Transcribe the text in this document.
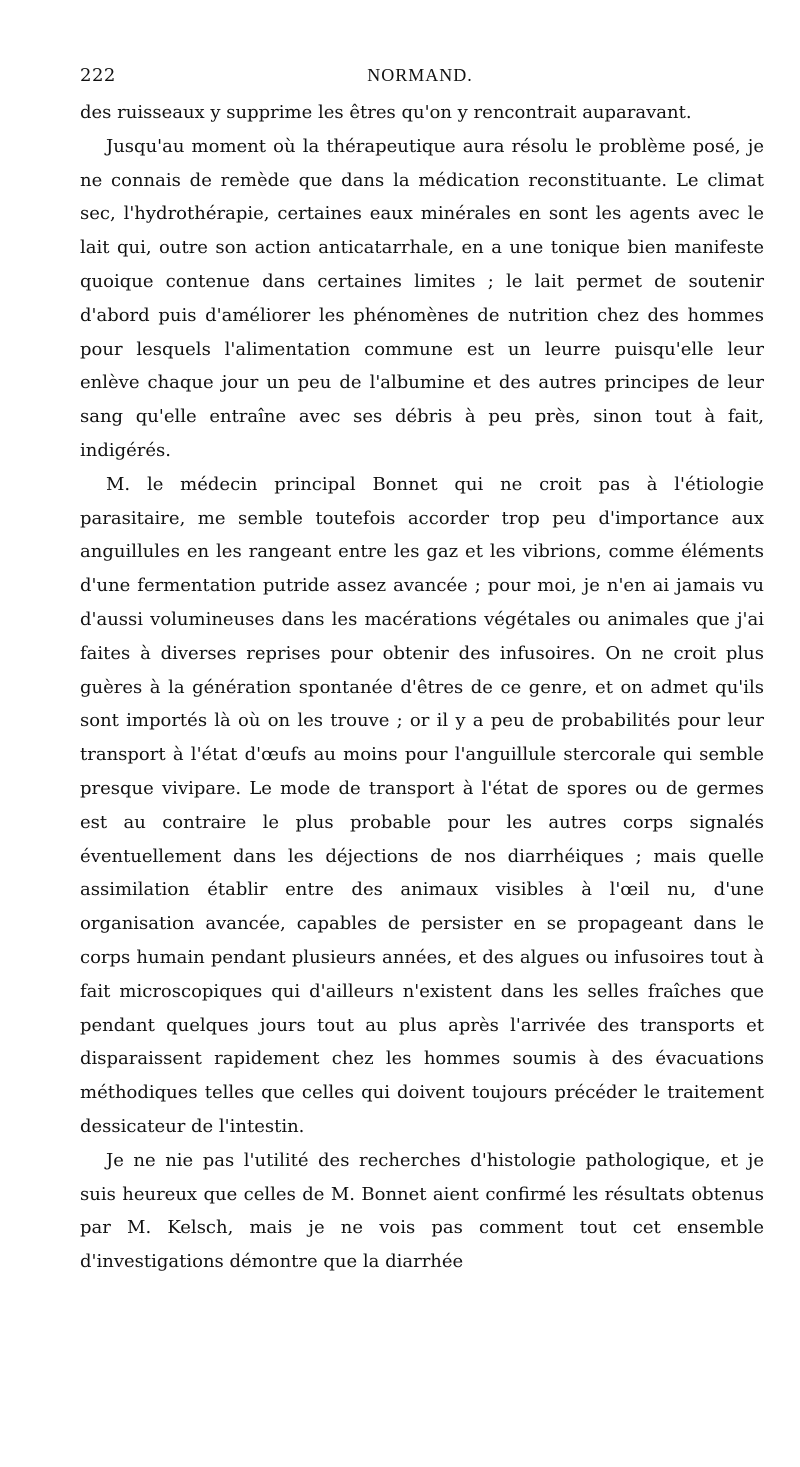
222	NORMAND.

des ruisseaux y supprime les êtres qu'on y rencontrait auparavant.

Jusqu'au moment où la thérapeutique aura résolu le problème posé, je ne connais de remède que dans la médication reconstituante. Le climat sec, l'hydrothérapie, certaines eaux minérales en sont les agents avec le lait qui, outre son action anticatarrhale, en a une tonique bien manifeste quoique contenue dans certaines limites ; le lait permet de soutenir d'abord puis d'améliorer les phénomènes de nutrition chez des hommes pour lesquels l'alimentation commune est un leurre puisqu'elle leur enlève chaque jour un peu de l'albumine et des autres principes de leur sang qu'elle entraîne avec ses débris à peu près, sinon tout à fait, indigérés.

M. le médecin principal Bonnet qui ne croit pas à l'étiologie parasitaire, me semble toutefois accorder trop peu d'importance aux anguillules en les rangeant entre les gaz et les vibrions, comme éléments d'une fermentation putride assez avancée ; pour moi, je n'en ai jamais vu d'aussi volumineuses dans les macérations végétales ou animales que j'ai faites à diverses reprises pour obtenir des infusoires. On ne croit plus guères à la génération spontanée d'êtres de ce genre, et on admet qu'ils sont importés là où on les trouve ; or il y a peu de probabilités pour leur transport à l'état d'œufs au moins pour l'anguillule stercorale qui semble presque vivipare. Le mode de transport à l'état de spores ou de germes est au contraire le plus probable pour les autres corps signalés éventuellement dans les déjections de nos diarrhéiques ; mais quelle assimilation établir entre des animaux visibles à l'œil nu, d'une organisation avancée, capables de persister en se propageant dans le corps humain pendant plusieurs années, et des algues ou infusoires tout à fait microscopiques qui d'ailleurs n'existent dans les selles fraîches que pendant quelques jours tout au plus après l'arrivée des transports et disparaissent rapidement chez les hommes soumis à des évacuations méthodiques telles que celles qui doivent toujours précéder le traitement dessicateur de l'intestin.

Je ne nie pas l'utilité des recherches d'histologie pathologique, et je suis heureux que celles de M. Bonnet aient confirmé les résultats obtenus par M. Kelsch, mais je ne vois pas comment tout cet ensemble d'investigations démontre que la diarrhée
